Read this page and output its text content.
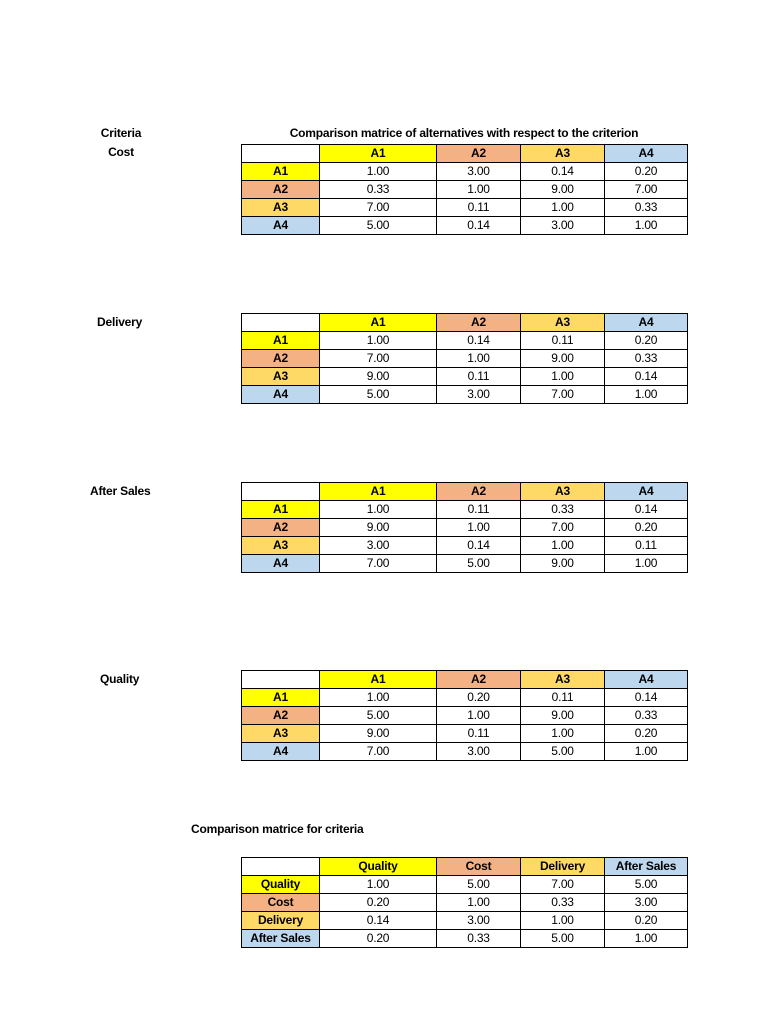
Criteria
Cost
Comparison matrice of alternatives with respect to the criterion
Delivery
After Sales
Quality
Comparison matrice for criteria
	A1	A2	A3	A4
A1	1.00	3.00	0.14	0.20
A2	0.33	1.00	9.00	7.00
A3	7.00	0.11	1.00	0.33
A4	5.00	0.14	3.00	1.00
	A1	A2	A3	A4
A1	1.00	0.14	0.11	0.20
A2	7.00	1.00	9.00	0.33
A3	9.00	0.11	1.00	0.14
A4	5.00	3.00	7.00	1.00
	A1	A2	A3	A4
A1	1.00	0.11	0.33	0.14
A2	9.00	1.00	7.00	0.20
A3	3.00	0.14	1.00	0.11
A4	7.00	5.00	9.00	1.00
	A1	A2	A3	A4
A1	1.00	0.20	0.11	0.14
A2	5.00	1.00	9.00	0.33
A3	9.00	0.11	1.00	0.20
A4	7.00	3.00	5.00	1.00
	Quality	Cost	Delivery	After Sales
Quality	1.00	5.00	7.00	5.00
Cost	0.20	1.00	0.33	3.00
Delivery	0.14	3.00	1.00	0.20
After Sales	0.20	0.33	5.00	1.00
